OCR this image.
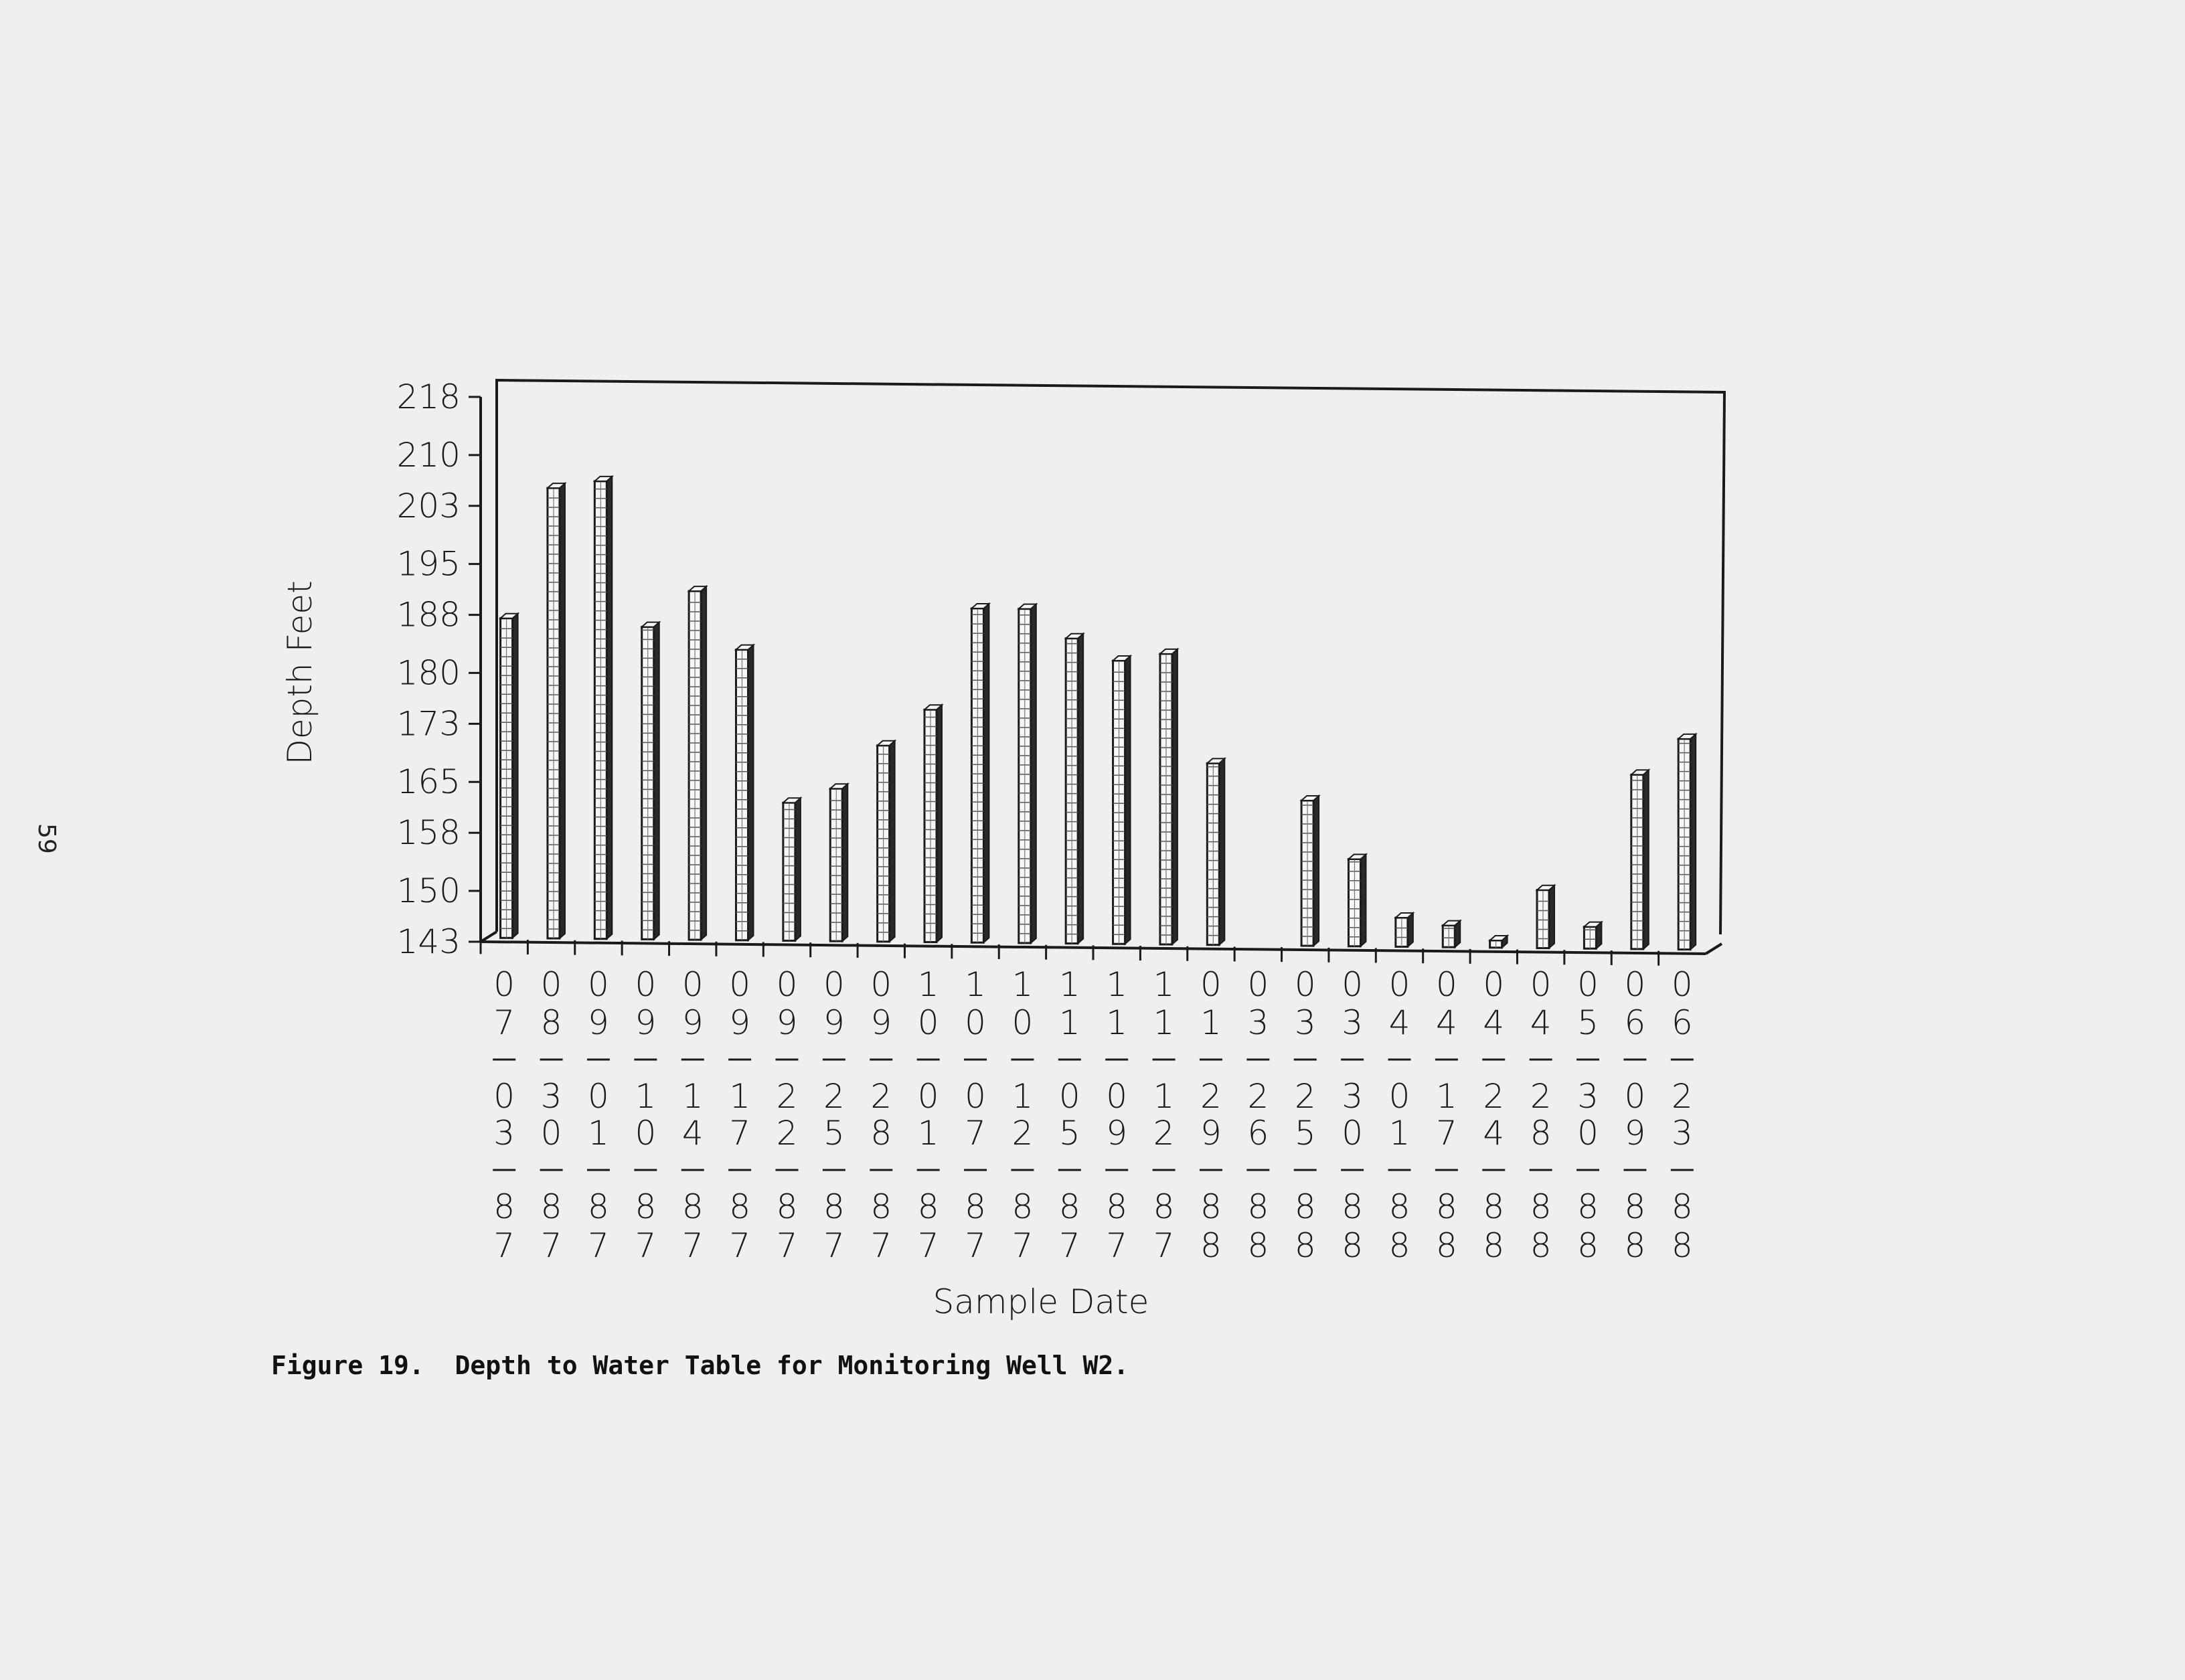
143
150
158
165
173
180
188
195
203
210
218
0
7
0
3
8
7
0
8
3
0
8
7
0
9
0
1
8
7
0
9
1
0
8
7
0
9
1
4
8
7
0
9
1
7
8
7
0
9
2
2
8
7
0
9
2
5
8
7
0
9
2
8
8
7
1
0
0
1
8
7
1
0
0
7
8
7
1
0
1
2
8
7
1
1
0
5
8
7
1
1
0
9
8
7
1
1
1
2
8
7
0
1
2
9
8
8
0
3
2
6
8
8
0
3
2
5
8
8
0
3
3
0
8
8
0
4
0
1
8
8
0
4
1
7
8
8
0
4
2
4
8
8
0
4
2
8
8
8
0
5
3
0
8
8
0
6
0
9
8
8
0
6
2
3
8
8
Depth Feet
Sample Date
Figure 19. Depth to Water Table for Monitoring Well W2.
59
